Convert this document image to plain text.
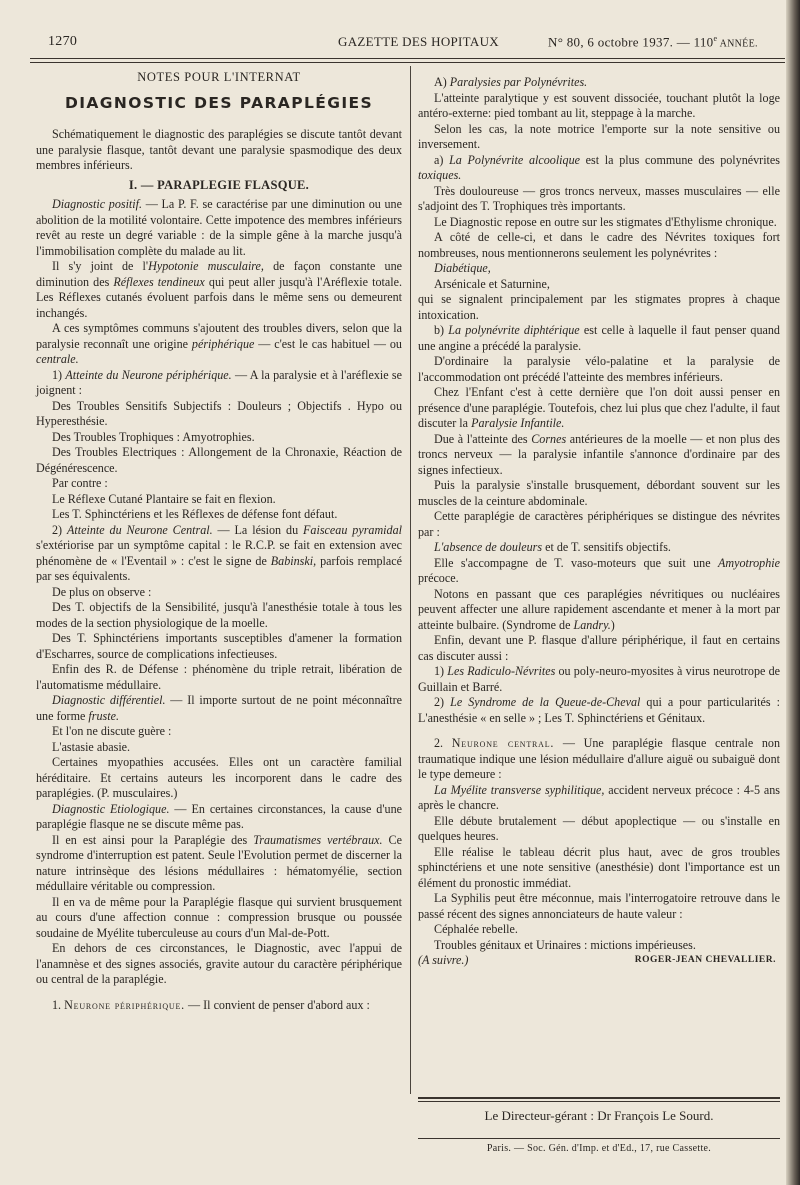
1270	GAZETTE DES HOPITAUX	N° 80, 6 octobre 1937. — 110e ANNÉE.
NOTES POUR L'INTERNAT
DIAGNOSTIC DES PARAPLÉGIES

Schématiquement le diagnostic des paraplégies se discute tantôt devant une paralysie flasque, tantôt devant une paralysie spasmodique des deux membres inférieurs.

I. — PARAPLEGIE FLASQUE.

Diagnostic positif. — La P. F. se caractérise par une diminution ou une abolition de la motilité volontaire. Cette impotence des membres inférieurs revêt au reste un degré variable : de la simple gêne à la marche jusqu'à l'immobilisation complète du malade au lit.

Il s'y joint de l'Hypotonie musculaire, de façon constante une diminution des Réflexes tendineux qui peut aller jusqu'à l'Aréflexie totale. Les Réflexes cutanés évoluent parfois dans le même sens ou demeurent inchangés.

A ces symptômes communs s'ajoutent des troubles divers, selon que la paralysie reconnaît une origine périphérique — c'est le cas habituel — ou centrale.

1) Atteinte du Neurone périphérique. — A la paralysie et à l'aréflexie se joignent :

Des Troubles Sensitifs Subjectifs : Douleurs ; Objectifs . Hypo ou Hyperesthésie.

Des Troubles Trophiques : Amyotrophies.

Des Troubles Electriques : Allongement de la Chronaxie, Réaction de Dégénérescence.

Par contre :

Le Réflexe Cutané Plantaire se fait en flexion.

Les T. Sphinctériens et les Réflexes de défense font défaut.

2) Atteinte du Neurone Central. — La lésion du Faisceau pyramidal s'extériorise par un symptôme capital : le R.C.P. se fait en extension avec phénomène de « l'Eventail » : c'est le signe de Babinski, parfois remplacé par ses équivalents.

De plus on observe :

Des T. objectifs de la Sensibilité, jusqu'à l'anesthésie totale à tous les modes de la section physiologique de la moelle.

Des T. Sphinctériens importants susceptibles d'amener la formation d'Escharres, source de complications infectieuses.

Enfin des R. de Défense : phénomène du triple retrait, libération de l'automatisme médullaire.

Diagnostic différentiel. — Il importe surtout de ne point méconnaître une forme fruste.

Et l'on ne discute guère :

L'astasie abasie.

Certaines myopathies accusées. Elles ont un caractère familial héréditaire. Et certains auteurs les incorporent dans le cadre des paraplégies. (P. musculaires.)

Diagnostic Etiologique. — En certaines circonstances, la cause d'une paraplégie flasque ne se discute même pas.

Il en est ainsi pour la Paraplégie des Traumatismes vertébraux. Ce syndrome d'interruption est patent. Seule l'Evolution permet de discerner la nature intrinsèque des lésions médullaires : hématomyélie, section médullaire véritable ou compression.

Il en va de même pour la Paraplégie flasque qui survient brusquement au cours d'une affection connue : compression brusque ou poussée soudaine de Myélite tuberculeuse au cours d'un Mal-de-Pott.

En dehors de ces circonstances, le Diagnostic, avec l'appui de l'anamnèse et des signes associés, gravite autour du caractère périphérique ou central de la paraplégie.

1. Neurone périphérique. — Il convient de penser d'abord aux :

A) Paralysies par Polynévrites.

L'atteinte paralytique y est souvent dissociée, touchant plutôt la loge antéro-externe: pied tombant au lit, steppage à la marche.

Selon les cas, la note motrice l'emporte sur la note sensitive ou inversement.

a) La Polynévrite alcoolique est la plus commune des polynévrites toxiques.

Très douloureuse — gros troncs nerveux, masses musculaires — elle s'adjoint des T. Trophiques très importants.

Le Diagnostic repose en outre sur les stigmates d'Ethylisme chronique.

A côté de celle-ci, et dans le cadre des Névrites toxiques fort nombreuses, nous mentionnerons seulement les polynévrites :

Diabétique,

Arsénicale et Saturnine,

qui se signalent principalement par les stigmates propres à chaque intoxication.

b) La polynévrite diphtérique est celle à laquelle il faut penser quand une angine a précédé la paralysie.

D'ordinaire la paralysie vélo-palatine et la paralysie de l'accommodation ont précédé l'atteinte des membres inférieurs.

Chez l'Enfant c'est à cette dernière que l'on doit aussi penser en présence d'une paraplégie. Toutefois, chez lui plus que chez l'adulte, il faut discuter la Paralysie Infantile.

Due à l'atteinte des Cornes antérieures de la moelle — et non plus des troncs nerveux — la paralysie infantile s'annonce d'ordinaire par des signes infectieux.

Puis la paralysie s'installe brusquement, débordant souvent sur les muscles de la ceinture abdominale.

Cette paraplégie de caractères périphériques se distingue des névrites par :

L'absence de douleurs et de T. sensitifs objectifs.

Elle s'accompagne de T. vaso-moteurs que suit une Amyotrophie précoce.

Notons en passant que ces paraplégies névritiques ou nucléaires peuvent affecter une allure rapidement ascendante et mener à la mort par atteinte bulbaire. (Syndrome de Landry.)

Enfin, devant une P. flasque d'allure périphérique, il faut en certains cas discuter aussi :

1) Les Radiculo-Névrites ou poly-neuro-myosites à virus neurotrope de Guillain et Barré.

2) Le Syndrome de la Queue-de-Cheval qui a pour particularités : L'anesthésie « en selle » ; Les T. Sphinctériens et Génitaux.

2. Neurone central. — Une paraplégie flasque centrale non traumatique indique une lésion médullaire d'allure aiguë ou subaiguë dont le type demeure :

La Myélite transverse syphilitique, accident nerveux précoce : 4-5 ans après le chancre.

Elle débute brutalement — début apoplectique — ou s'installe en quelques heures.

Elle réalise le tableau décrit plus haut, avec de gros troubles sphinctériens et une note sensitive (anesthésie) dont l'importance est un élément du pronostic immédiat.

La Syphilis peut être méconnue, mais l'interrogatoire retrouve dans le passé récent des signes annonciateurs de haute valeur :

Céphalée rebelle.

Troubles génitaux et Urinaires : mictions impérieuses.

(A suivre.)	ROGER-JEAN CHEVALLIER.

Le Directeur-gérant : Dr François Le Sourd.
Paris. — Soc. Gén. d'Imp. et d'Ed., 17, rue Cassette.
